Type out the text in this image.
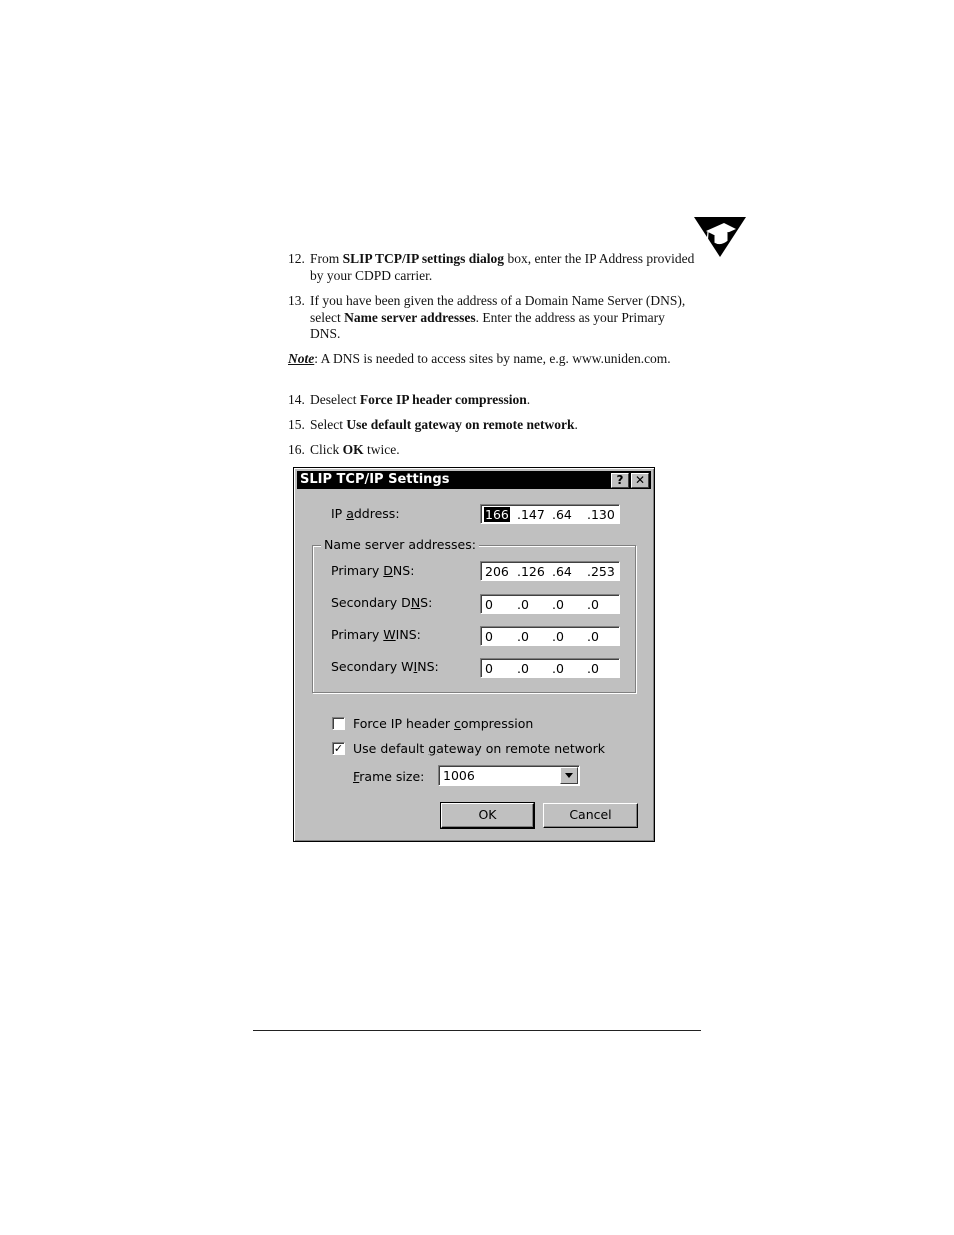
12. From SLIP TCP/IP settings dialog box, enter the IP Address provided by your CDPD carrier.
13. If you have been given the address of a Domain Name Server (DNS), select Name server addresses. Enter the address as your Primary DNS.
Note: A DNS is needed to access sites by name, e.g. www.uniden.com.
14. Deselect Force IP header compression.
15. Select Use default gateway on remote network.
16. Click OK twice.
SLIP TCP/IP Settings	? ✕
IP address:	166 .147 .64 .130
Name server addresses:
Primary DNS:	206 .126 .64 .253
Secondary DNS:	0 .0 .0 .0
Primary WINS:	0 .0 .0 .0
Secondary WINS:	0 .0 .0 .0
Force IP header compression
✓ Use default gateway on remote network
Frame size: 1006
OK	Cancel
